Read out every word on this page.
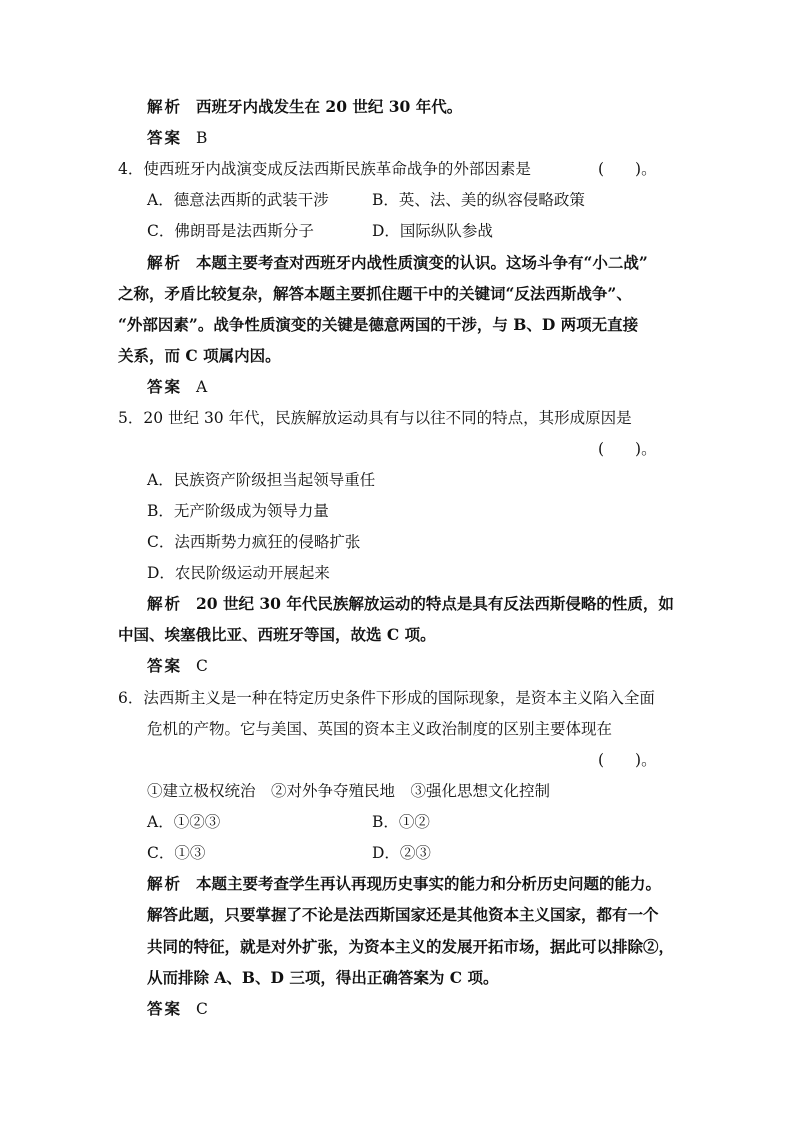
解析 西班牙内战发生在 20 世纪 30 年代。
答案 B
4．使西班牙内战演变成反法西斯民族革命战争的外部因素是	(　　)。
A．德意法西斯的武装干涉	B．英、法、美的纵容侵略政策
C．佛朗哥是法西斯分子	D．国际纵队参战
解析 本题主要考查对西班牙内战性质演变的认识。这场斗争有“小二战”
之称，矛盾比较复杂，解答本题主要抓住题干中的关键词“反法西斯战争”、
“外部因素”。战争性质演变的关键是德意两国的干涉，与 B、D 两项无直接
关系，而 C 项属内因。
答案 A
5．20 世纪 30 年代，民族解放运动具有与以往不同的特点，其形成原因是
(　　)。
A．民族资产阶级担当起领导重任
B．无产阶级成为领导力量
C．法西斯势力疯狂的侵略扩张
D．农民阶级运动开展起来
解析 20 世纪 30 年代民族解放运动的特点是具有反法西斯侵略的性质，如
中国、埃塞俄比亚、西班牙等国，故选 C 项。
答案 C
6．法西斯主义是一种在特定历史条件下形成的国际现象，是资本主义陷入全面
危机的产物。它与美国、英国的资本主义政治制度的区别主要体现在
(　　)。
①建立极权统治　②对外争夺殖民地　③强化思想文化控制
A．①②③	B．①②
C．①③	D．②③
解析 本题主要考查学生再认再现历史事实的能力和分析历史问题的能力。
解答此题，只要掌握了不论是法西斯国家还是其他资本主义国家，都有一个
共同的特征，就是对外扩张，为资本主义的发展开拓市场，据此可以排除②，
从而排除 A、B、D 三项，得出正确答案为 C 项。
答案 C
